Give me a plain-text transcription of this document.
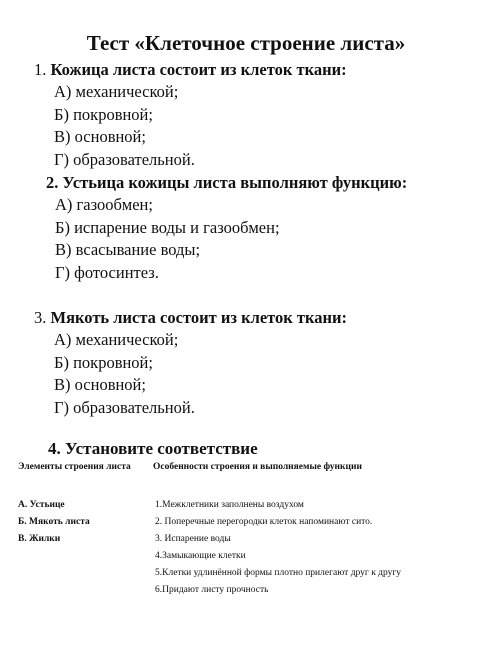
Тест «Клеточное строение листа»
1. Кожица листа состоит из клеток ткани:
А) механической;
Б) покровной;
В) основной;
Г) образовательной.
2. Устьица кожицы листа выполняют функцию:
А) газообмен;
Б) испарение воды и газообмен;
В) всасывание воды;
Г) фотосинтез.
3. Мякоть листа состоит из клеток ткани:
А) механической;
Б) покровной;
В) основной;
Г) образовательной.
4. Установите соответствие
Элементы строения листа	Особенности строения и выполняемые функции
А. Устьице
Б. Мякоть листа
В. Жилки
1.Межклетники заполнены воздухом
2. Поперечные перегородки клеток напоминают сито.
3. Испарение воды
4.Замыкающие клетки
5.Клетки удлинённой формы плотно прилегают друг к другу
6.Придают листу прочность
